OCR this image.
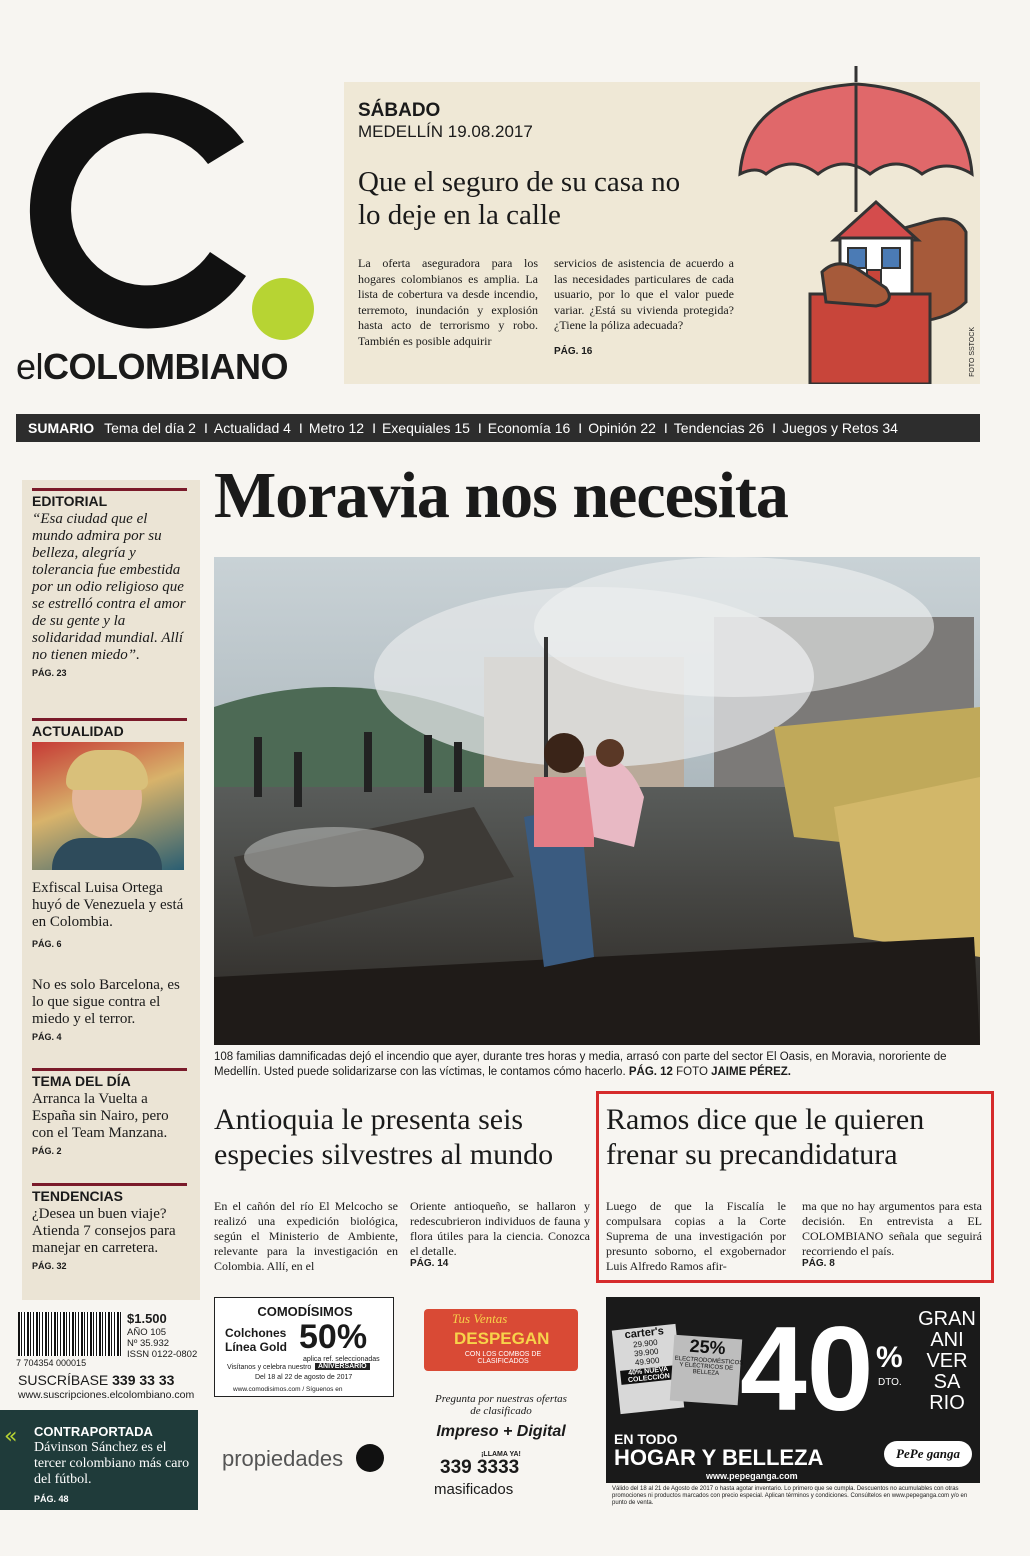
elCOLOMBIANO
SÁBADO
MEDELLÍN 19.08.2017
Que el seguro de su casa no lo deje en la calle
La oferta aseguradora para los hogares colombianos es amplia. La lista de cobertura va desde incendio, terremoto, inundación y explosión hasta acto de terrorismo y robo. También es posible adquirir
servicios de asistencia de acuerdo a las necesidades particulares de cada usuario, por lo que el valor puede variar. ¿Está su vivienda protegida? ¿Tiene la póliza adecuada?
PÁG. 16	FOTO SSTOCK
SUMARIO Tema del día 2 I Actualidad 4 I Metro 12 I Exequiales 15 I Economía 16 I Opinión 22 I Tendencias 26 I Juegos y Retos 34
EDITORIAL
“Esa ciudad que el mundo admira por su belleza, alegría y tolerancia fue embestida por un odio religioso que se estrelló contra el amor de su gente y la solidaridad mundial. Allí no tienen miedo”.
PÁG. 23
ACTUALIDAD
Exfiscal Luisa Ortega huyó de Venezuela y está en Colombia.
PÁG. 6
No es solo Barcelona, es lo que sigue contra el miedo y el terror.
PÁG. 4
TEMA DEL DÍA
Arranca la Vuelta a España sin Nairo, pero con el Team Manzana.
PÁG. 2
TENDENCIAS
¿Desea un buen viaje? Atienda 7 consejos para manejar en carretera.
PÁG. 32
7 704354 000015
$1.500
AÑO 105
Nº 35.932
ISSN 0122-0802
SUSCRÍBASE 339 33 33
www.suscripciones.elcolombiano.com
« CONTRAPORTADA
Dávinson Sánchez es el tercer colombiano más caro del fútbol.
PÁG. 48
Moravia nos necesita
108 familias damnificadas dejó el incendio que ayer, durante tres horas y media, arrasó con parte del sector El Oasis, en Moravia, nororiente de Medellín. Usted puede solidarizarse con las víctimas, le contamos cómo hacerlo. PÁG. 12 FOTO JAIME PÉREZ.
Antioquia le presenta seis especies silvestres al mundo
En el cañón del río El Melcocho se realizó una expedición biológica, según el Ministerio de Ambiente, relevante para la investigación en Colombia. Allí, en el
Oriente antioqueño, se hallaron y redescubrieron individuos de fauna y flora útiles para la ciencia. Conozca el detalle.
PÁG. 14
Ramos dice que le quieren frenar su precandidatura
Luego de que la Fiscalía le compulsara copias a la Corte Suprema de una investigación por presunto soborno, el exgobernador Luis Alfredo Ramos afir-
ma que no hay argumentos para esta decisión. En entrevista a EL COLOMBIANO señala que seguirá recorriendo el país.
PÁG. 8
COMODÍSIMOS
Colchones Línea Gold 50%
aplica ref. seleccionadas
Visítanos y celebra nuestro ANIVERSARIO
Del 18 al 22 de agosto de 2017
www.comodisimos.com / Síguenos en
Tus Ventas
DESPEGAN
CON LOS COMBOS DE CLASIFICADOS
Pregunta por nuestras ofertas de clasificado
Impreso + Digital
¡LLAMA YA!
339 3333
masificados
propiedades
carter's
29.900
39.900
49.900
40% NUEVA COLECCIÓN
25%
ELECTRODOMÉSTICOS Y ELÉCTRICOS DE BELLEZA 40 %
DTO.
GRAN
ANI
VER
SA
RIO
EN TODO
HOGAR Y BELLEZA	PePe ganga
www.pepeganga.com
Válido del 18 al 21 de Agosto de 2017 o hasta agotar inventario. Lo primero que se cumpla. Descuentos no acumulables con otras promociones ni productos marcados con precio especial. Aplican términos y condiciones. Consúltelos en www.pepeganga.com y/o en punto de venta.
